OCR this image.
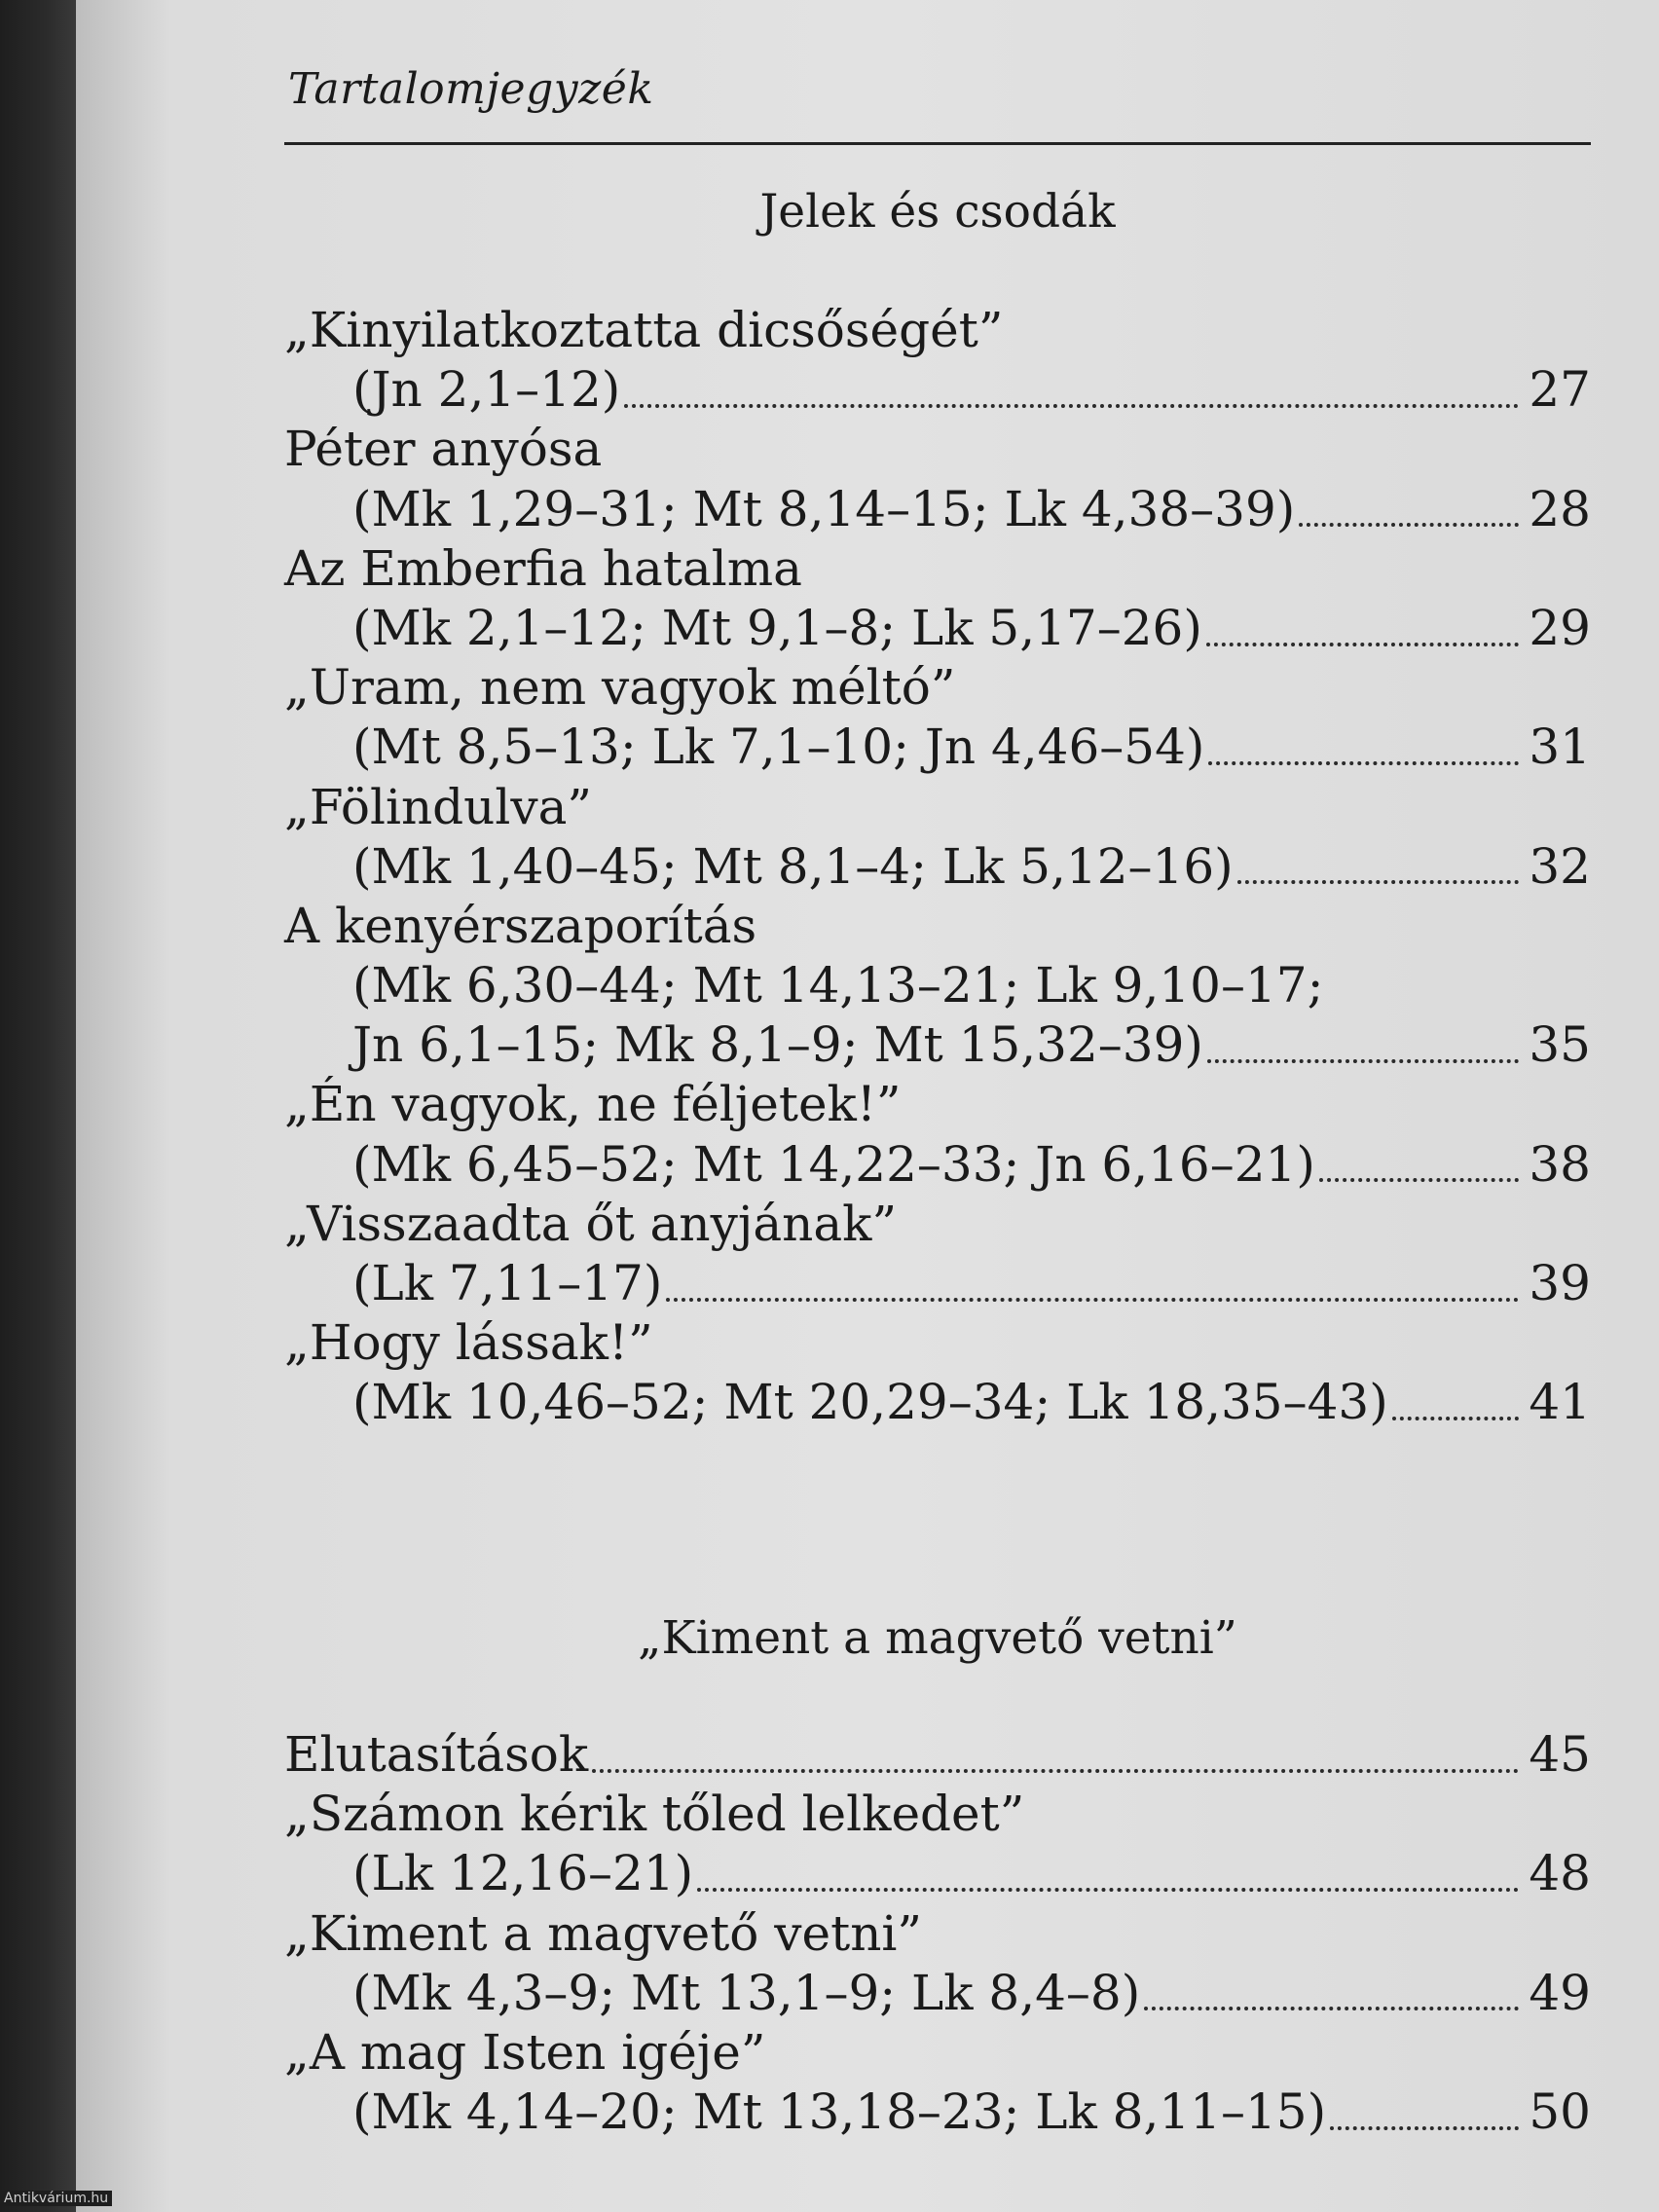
Tartalomjegyzék
Jelek és csodák
„Kinyilatkoztatta dicsőségét”
(Jn 2,1–12)	27
Péter anyósa
(Mk 1,29–31; Mt 8,14–15; Lk 4,38–39)	28
Az Emberfia hatalma
(Mk 2,1–12; Mt 9,1–8; Lk 5,17–26)	29
„Uram, nem vagyok méltó”
(Mt 8,5–13; Lk 7,1–10; Jn 4,46–54)	31
„Fölindulva”
(Mk 1,40–45; Mt 8,1–4; Lk 5,12–16)	32
A kenyérszaporítás
(Mk 6,30–44; Mt 14,13–21; Lk 9,10–17;
Jn 6,1–15; Mk 8,1–9; Mt 15,32–39)	35
„Én vagyok, ne féljetek!”
(Mk 6,45–52; Mt 14,22–33; Jn 6,16–21)	38
„Visszaadta őt anyjának”
(Lk 7,11–17)	39
„Hogy lássak!”
(Mk 10,46–52; Mt 20,29–34; Lk 18,35–43)	41
„Kiment a magvető vetni”
Elutasítások	45
„Számon kérik tőled lelkedet”
(Lk 12,16–21)	48
„Kiment a magvető vetni”
(Mk 4,3–9; Mt 13,1–9; Lk 8,4–8)	49
„A mag Isten igéje”
(Mk 4,14–20; Mt 13,18–23; Lk 8,11–15)	50
Antikvárium.hu
